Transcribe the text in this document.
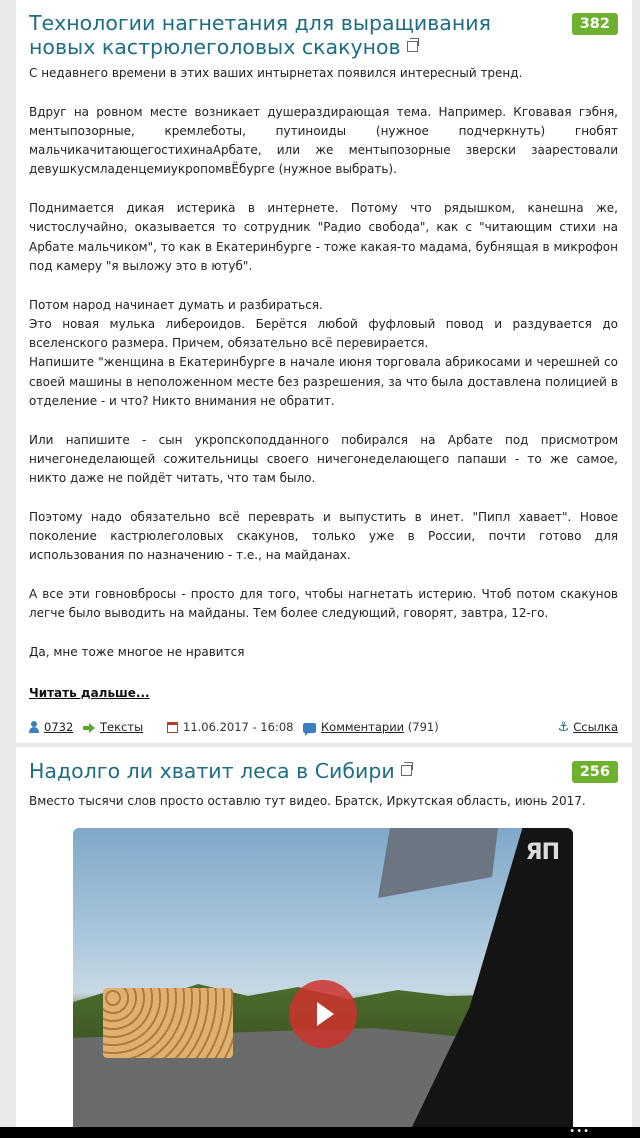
Технологии нагнетания для выращивания новых кастрюлеголовых скакунов
382

С недавнего времени в этих ваших интырнетах появился интересный тренд.

Вдруг на ровном месте возникает душераздирающая тема. Например. Кговавая гэбня, ментыпозорные, кремлеботы, путиноиды (нужное подчеркнуть) гнобят мальчикачитающегостихинаАрбате, или же ментыпозорные зверски заарестовали девушкусмладенцемиукропомвЁбурге (нужное выбрать).

Поднимается дикая истерика в интернете. Потому что рядышком, канешна же, чистослучайно, оказывается то сотрудник "Радио свобода", как с "читающим стихи на Арбате мальчиком", то как в Екатеринбурге - тоже какая-то мадама, бубнящая в микрофон под камеру "я выложу это в ютуб".

Потом народ начинает думать и разбираться.
Это новая мулька либероидов. Берётся любой фуфловый повод и раздувается до вселенского размера. Причем, обязательно всё перевирается.
Напишите "женщина в Екатеринбурге в начале июня торговала абрикосами и черешней со своей машины в неположенном месте без разрешения, за что была доставлена полицией в отделение - и что? Никто внимания не обратит.

Или напишите - сын укропскоподданного побирался на Арбате под присмотром ничегонеделающей сожительницы своего ничегонеделающего папаши - то же самое, никто даже не пойдёт читать, что там было.

Поэтому надо обязательно всё переврать и выпустить в инет. "Пипл хавает". Новое поколение кастрюлеголовых скакунов, только уже в России, почти готово для использования по назначению - т.е., на майданах.

А все эти говновбросы - просто для того, чтобы нагнетать истерию. Чтоб потом скакунов легче было выводить на майданы. Тем более следующий, говорят, завтра, 12-го.

Да, мне тоже многое не нравится

Читать дальше...
0732	Тексты	11.06.2017 - 16:08	Комментарии (791)	⚓ Ссылка
Надолго ли хватит леса в Сибири	256
Вместо тысячи слов просто оставлю тут видео. Братск, Иркутская область, июнь 2017.
ЯП
•••
